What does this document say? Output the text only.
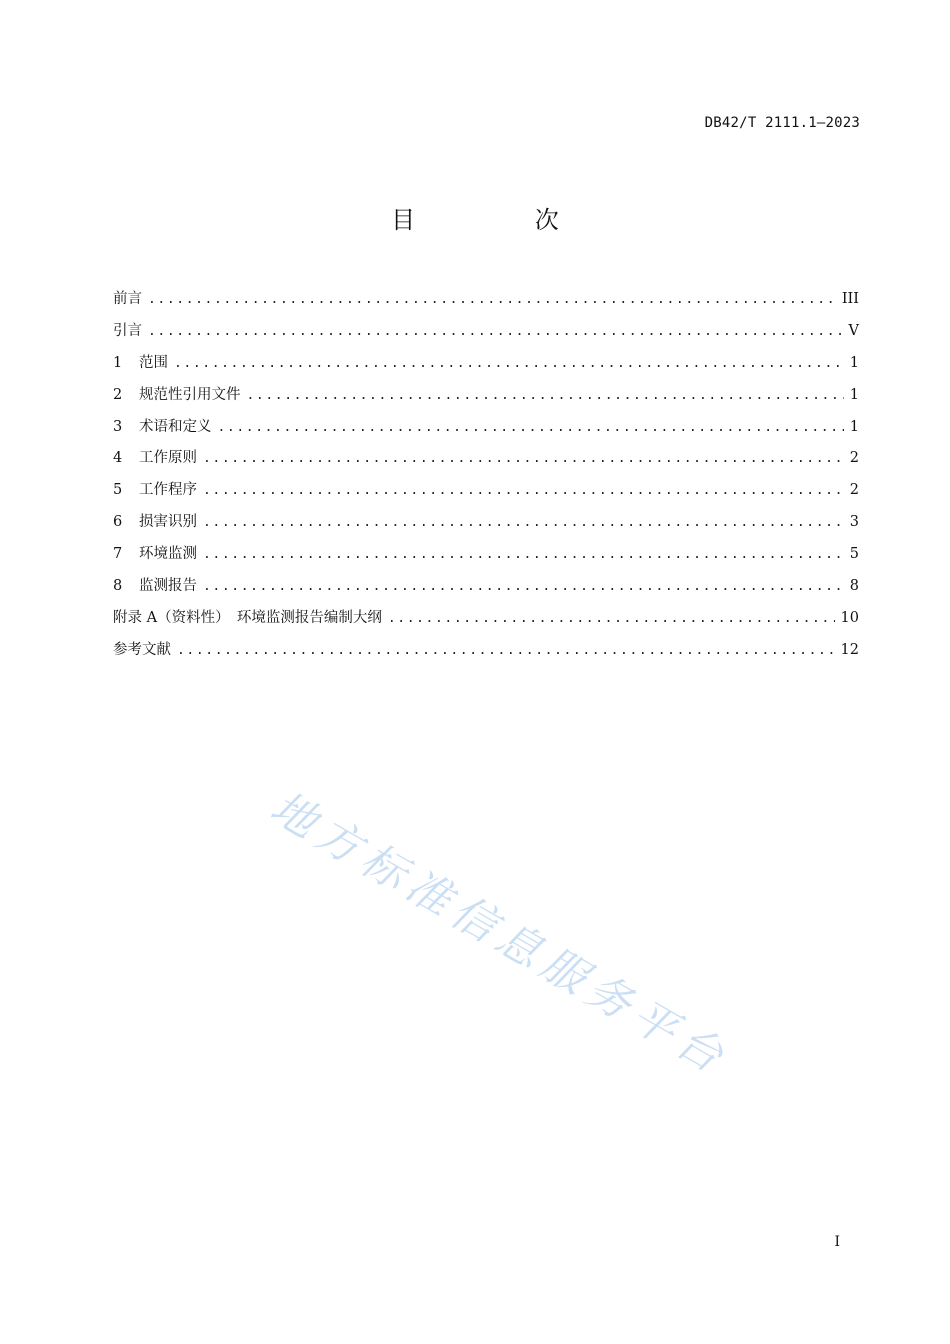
DB42/T 2111.1—2023
目 次
前言 .....	III
引言 .....	V
1 范围 .....	1
2 规范性引用文件 .....	1
3 术语和定义 .....	1
4 工作原则 .....	2
5 工作程序 .....	2
6 损害识别 .....	3
7 环境监测 .....	5
8 监测报告 .....	8
附录 A（资料性）　环境监测报告编制大纲 .....	10
参考文献 .....	12
地方标准信息服务平台
I
